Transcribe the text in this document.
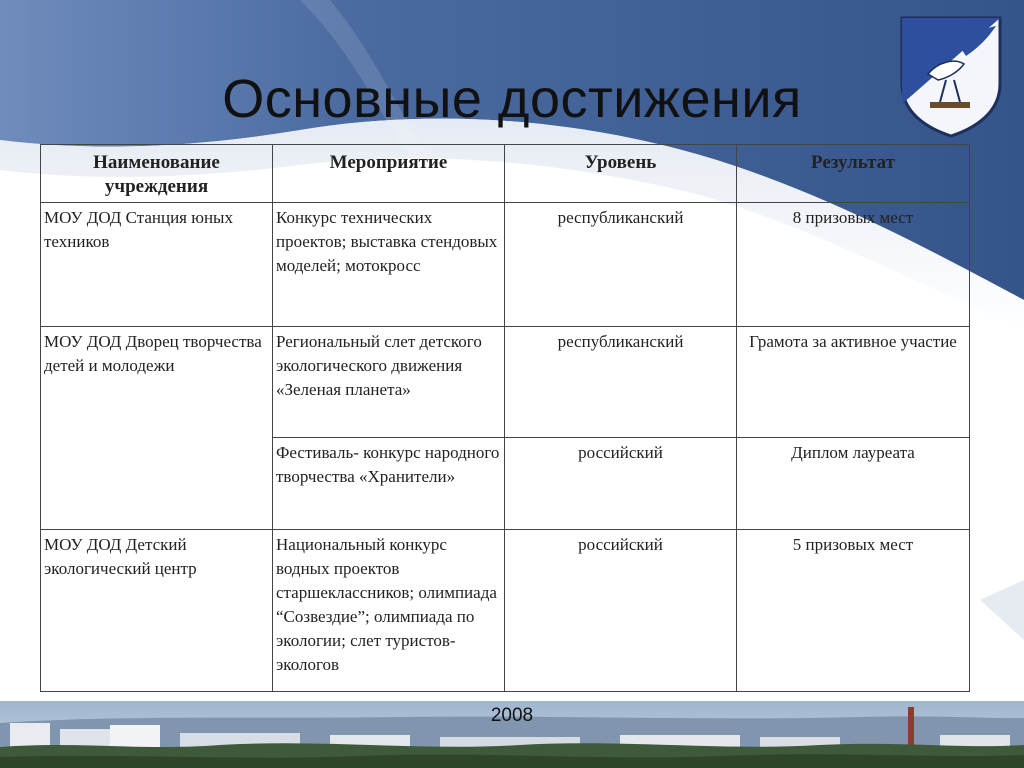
Основные достижения
Наименование учреждения	Мероприятие	Уровень	Результат
МОУ ДОД Станция юных техников	Конкурс технических проектов; выставка стендовых моделей; мотокросс	республиканский	8 призовых мест
МОУ ДОД Дворец творчества детей и молодежи	Региональный слет детского экологического движения «Зеленая планета»	республиканский	Грамота за активное участие
	Фестиваль- конкурс народного творчества «Хранители»	российский	Диплом лауреата
МОУ ДОД Детский экологический центр	Национальный конкурс водных проектов старшеклассников; олимпиада “Созвездие”; олимпиада по экологии; слет туристов-экологов	российский	5 призовых мест
2008
